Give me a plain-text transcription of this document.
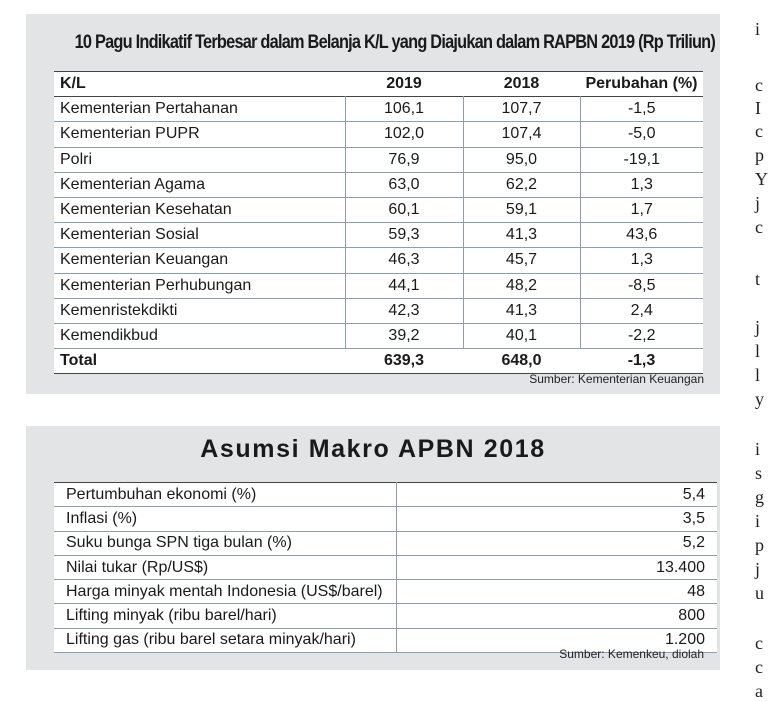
10 Pagu Indikatif Terbesar dalam Belanja K/L yang Diajukan dalam RAPBN 2019 (Rp Triliun)
K/L	2019	2018	Perubahan (%)
Kementerian Pertahanan	106,1	107,7	-1,5
Kementerian PUPR	102,0	107,4	-5,0
Polri	76,9	95,0	-19,1
Kementerian Agama	63,0	62,2	1,3
Kementerian Kesehatan	60,1	59,1	1,7
Kementerian Sosial	59,3	41,3	43,6
Kementerian Keuangan	46,3	45,7	1,3
Kementerian Perhubungan	44,1	48,2	-8,5
Kemenristekdikti	42,3	41,3	2,4
Kemendikbud	39,2	40,1	-2,2
Total	639,3	648,0	-1,3
Sumber: Kementerian Keuangan
Asumsi Makro APBN 2018
Pertumbuhan ekonomi (%)	5,4
Inflasi (%)	3,5
Suku bunga SPN tiga bulan (%)	5,2
Nilai tukar (Rp/US$)	13.400
Harga minyak mentah Indonesia (US$/barel)	48
Lifting minyak (ribu barel/hari)	800
Lifting gas (ribu barel setara minyak/hari)	1.200
Sumber: Kemenkeu, diolah
i
c
I
c
p
Y
j
c
t
j
l
l
y
i
s
g
i
p
j
u
c
c
a
